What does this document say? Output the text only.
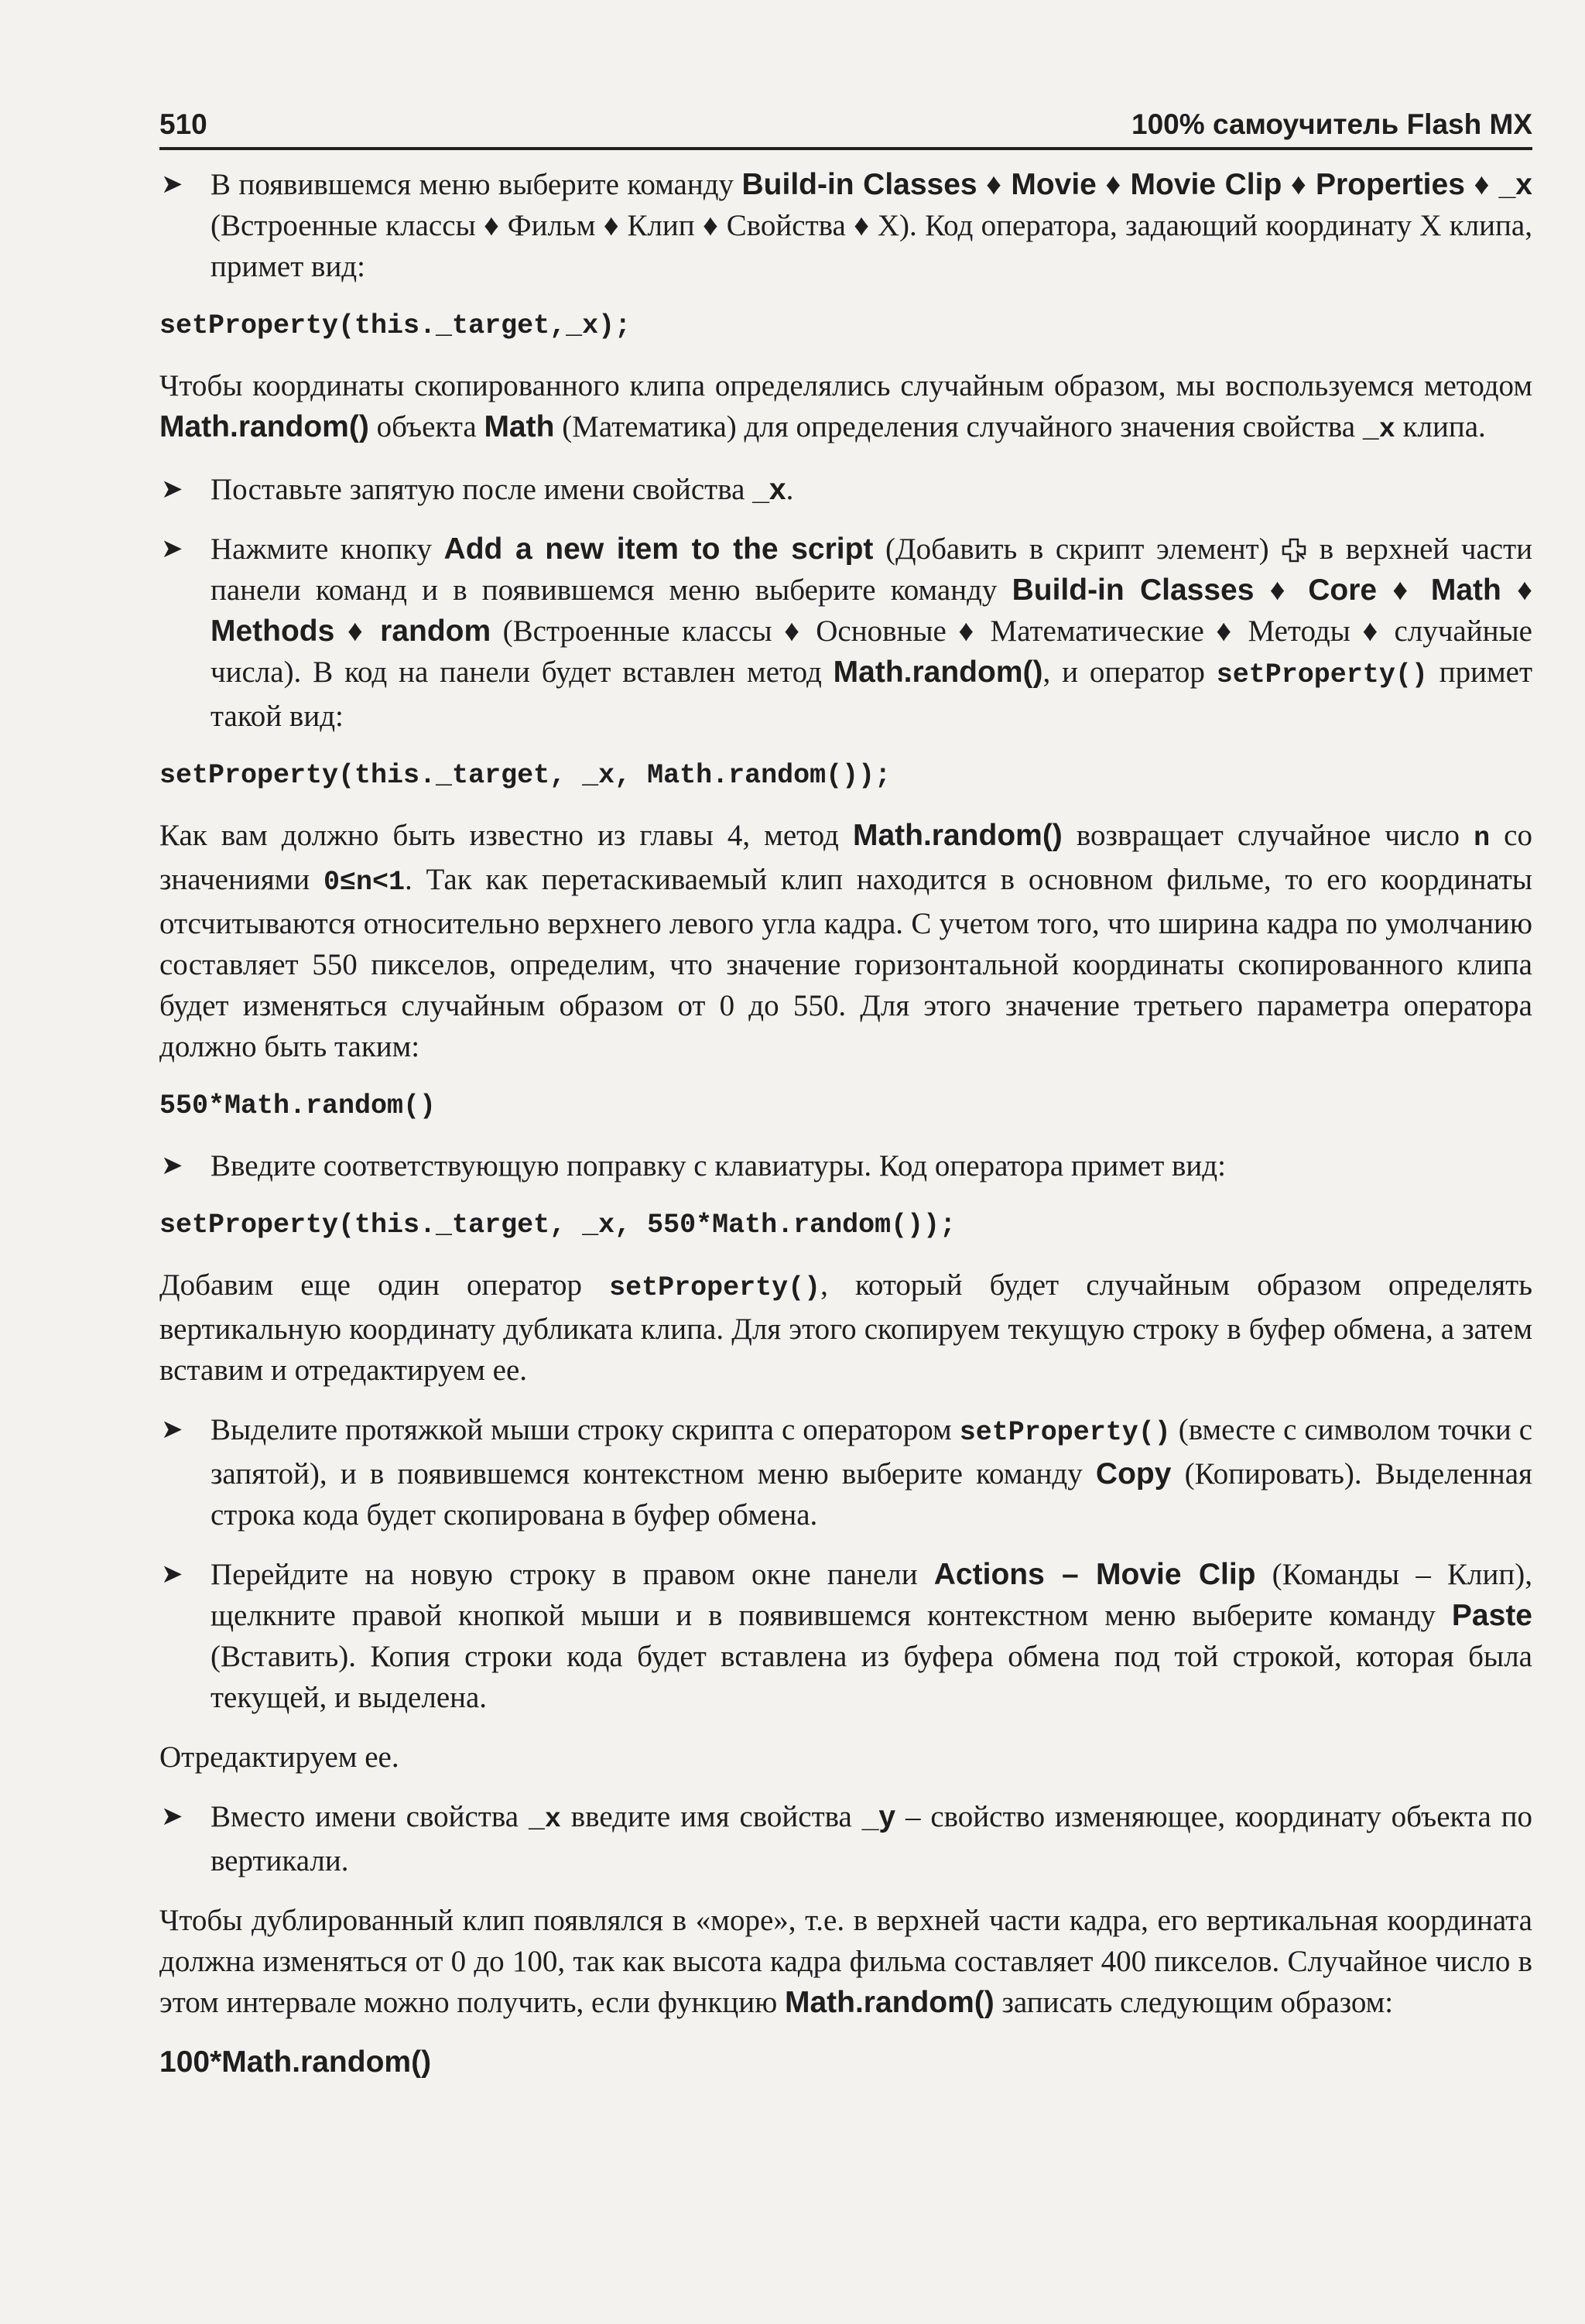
510	100% самоучитель Flash MX
➤ В появившемся меню выберите команду Build-in Classes ♦ Movie ♦ Movie Clip ♦ Properties ♦ _x (Встроенные классы ♦ Фильм ♦ Клип ♦ Свойства ♦ X). Код оператора, задающий координату X клипа, примет вид:
setProperty(this._target,_x);

Чтобы координаты скопированного клипа определялись случайным образом, мы воспользуемся методом Math.random() объекта Math (Математика) для определения случайного значения свойства _x клипа.

➤ Поставьте запятую после имени свойства _x.
➤ Нажмите кнопку Add a new item to the script (Добавить в скрипт элемент)  в верхней части панели команд и в появившемся меню выберите команду Build-in Classes ♦ Core ♦ Math ♦ Methods ♦ random (Встроенные классы ♦ Основные ♦ Математические ♦ Методы ♦ случайные числа). В код на панели будет вставлен метод Math.random(), и оператор setProperty() примет такой вид:
setProperty(this._target, _x, Math.random());

Как вам должно быть известно из главы 4, метод Math.random() возвращает случайное число n со значениями 0≤n<1. Так как перетаскиваемый клип находится в основном фильме, то его координаты отсчитываются относительно верхнего левого угла кадра. С учетом того, что ширина кадра по умолчанию составляет 550 пикселов, определим, что значение горизонтальной координаты скопированного клипа будет изменяться случайным образом от 0 до 550. Для этого значение третьего параметра оператора должно быть таким:

550*Math.random()
➤ Введите соответствующую поправку с клавиатуры. Код оператора примет вид:
setProperty(this._target, _x, 550*Math.random());

Добавим еще один оператор setProperty(), который будет случайным образом определять вертикальную координату дубликата клипа. Для этого скопируем текущую строку в буфер обмена, а затем вставим и отредактируем ее.

➤ Выделите протяжкой мыши строку скрипта с оператором setProperty() (вместе с символом точки с запятой), и в появившемся контекстном меню выберите команду Copy (Копировать). Выделенная строка кода будет скопирована в буфер обмена.
➤ Перейдите на новую строку в правом окне панели Actions – Movie Clip (Команды – Клип), щелкните правой кнопкой мыши и в появившемся контекстном меню выберите команду Paste (Вставить). Копия строки кода будет вставлена из буфера обмена под той строкой, которая была текущей, и выделена.

Отредактируем ее.

➤ Вместо имени свойства _x введите имя свойства _y – свойство изменяющее, координату объекта по вертикали.

Чтобы дублированный клип появлялся в «море», т.е. в верхней части кадра, его вертикальная координата должна изменяться от 0 до 100, так как высота кадра фильма составляет 400 пикселов. Случайное число в этом интервале можно получить, если функцию Math.random() записать следующим образом:

100*Math.random()
